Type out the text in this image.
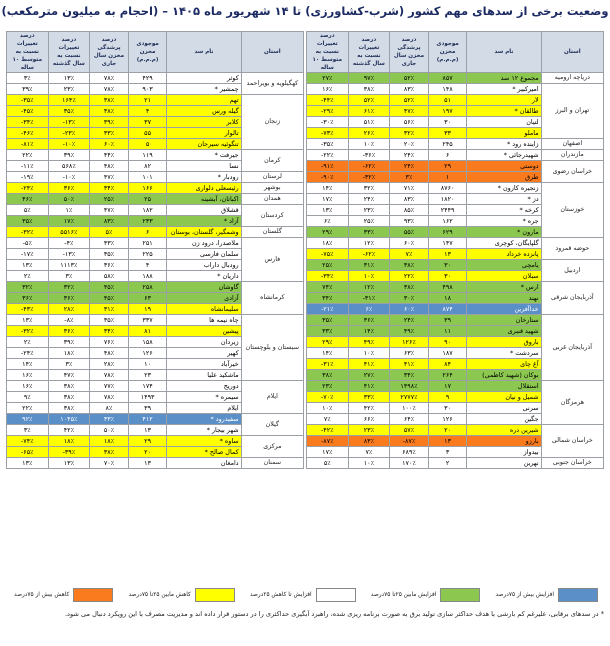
وضعیت برخی از سدهای مهم کشور (شرب-کشاورزی) تا ۱۴ شهریور ماه ۱۴۰۵ – (احجام به میلیون مترمکعب)
استان	نام سد	موجودی مخزن (م.م.م)	درصد پرشدگی مخزن سال جاری	درصد تغییرات نسبت به سال گذشته	درصد تغییرات نسبت به متوسط ۱۰ ساله
دریاچه ارومیه	مجموع ۱۲ سد	۸۵۷	۵۲٪	۹۷٪	۲۷٪
تهران و البرز	امیرکبیر *	۱۴۸	۸۳٪	۳۸٪	۱۶٪
	لار	۵۱	۵۲٪	۵۲٪	۴۴٪-
	طالقان *	۱۹۷	۴۷٪	۶۱٪	۲۹٪-
	لتیان	۳۰	۵۶٪	۵۱٪	۳۰٪-
	ماملو	۳۳	۳۲٪	۲۶٪	۷۳٪-
اصفهان	زاینده رود *	۲۴۵	۲۰٪	۱۰٪	۳۵٪-
مازندران	شهیدرجائی *	۶	۲۴٪	۳۶٪-	۲۲٪-
خراسان رضوی	دوستی	۲۹	۲۴٪	۶۲٪-	۹۱٪-
	طرق	۱	۳٪	۳۲٪-	۹۰٪-
خوزستان	زنجیره کارون *	۸۷۶۰	۷۱٪	۳۲٪	۱۴٪
	دز *	۱۸۲۰	۸۳٪	۲۴٪	۱۷٪
	کرخه *	۲۴۴۹	۸۵٪	۲۳٪	۱۳٪
	جره *	۱۶۲	۹۳٪	۲۵٪	۶٪
	مارون *	۶۲۹	۵۵٪	۳۳٪	۲۹٪
حوضه قمرود	گلپایگان، کوچری	۱۴۷	۶۰٪	۱۲٪	۱۸٪
	پانزده خرداد	۱۳	۷٪	۶۲٪-	۷۵٪-
اردبیل	یامچی	۳۰	۳۸٪	۳۱٪	۲۵٪
	سبلان	۳۰	۲۲٪	۱۰٪	۳۴٪-
آذربایجان شرقی	ارس *	۴۹۸	۳۸٪	۱۲٪	۷۴٪
	نهند	۱۸	۳۰٪	۳۱٪-	۳۴٪
	خداآفرین	۸۷۴	۶۰٪	۶٪	۲۱٪-
آذربایجان غربی	ستارخان	۳۹	۲۴٪	۳۶٪	۳۵٪
	شهید قنبری	۱۱	۴۹٪	۱۴٪	۳۳٪
	باروق	۹۰	۱۲۶٪	۴۹٪	۲۹٪
	سردشت *	۱۸۷	۶۳٪	۱۰٪	۱۴٪
	آغ چای	۸۴	۴۱٪	۴۱٪	۳۱٪-
	بوکان (شهید کاظمی)	۲۶۴	۳۴٪	۲۷٪	۳۸٪
هرمزگان	استقلال	۱۷	۱۴۹۸٪	۴۱٪	۲۳٪
	شمیل و نیان	۹	۲۷۷۷٪	۳۳٪	۷۰٪-
	سرنی	۳۰	۱۰۰٪	۴۲٪	۱۰٪
	جگین	۱۲۶	۶۴٪	۶۶٪	۷٪
خراسان شمالی	شیرین دره	۲۰	۵۷٪	۲۳٪	۴۲٪-
	بارزو	۱۳	۸۷٪-	۸۳٪	۸۷٪-
	بیدواز	۳	۶۸۹٪	۷٪	۱۷٪
خراسان جنوبی	نهرین	۲	۱۷۰٪	۱۰٪	۵٪
استان	نام سد	موجودی مخزن (م.م.م)	درصد پرشدگی مخزن سال جاری	درصد تغییرات نسبت به سال گذشته	درصد تغییرات نسبت به متوسط ۱۰ ساله
کهگیلویه و بویراحمد	کوثر	۴۲۹	۷۸٪	۱۳٪	۳٪
	چمشیر *	۹۰۳	۷۸٪	۲۳٪	۳۹٪
زنجان	تهم	۲۱	۳۸٪	۱۶۴٪	۳۵٪-
	گیله ورس	۴	۳۸٪	۳۵٪	۴۵٪-
	کلابر	۳۷	۳۹٪	۱۳٪-	۳۴٪-
	تالوار	۵۵	۳۳٪	۲۳٪-	۴۶٪-
	تنگوئیه سیرجان	۵	۶۰٪	۱۰٪-	۸۱٪-
کرمان	جیرفت *	۱۱۹	۴۴٪	۳۹٪	۲۲٪
	نسا	۸۲	۴۸٪	۵۶۸٪	۱۱٪-
لرستان	رودبار *	۱۰۱	۴۷٪	۱۰٪-	۱۹٪-
بوشهر	رئیسعلی دلواری	۱۶۶	۳۴٪	۳۶٪	۲۴٪-
همدان	اکباتان، آبشینه	۲۵	۲۵٪	۵۰٪	۴۶٪
کردستان	قشلاق	۱۸۲	۴۷٪	۱٪	۵٪
	آزاد *	۲۳۳	۸۳٪	۱۷٪	۳۵٪
گلستان	وشمگیر، گلستان، بوستان	۶	۵٪	۵۵۱۶٪	۳۲٪-
فارس	ملاصدرا، درود زن	۲۵۱	۴۳٪	۴٪-	۵٪-
	سلمان فارسی	۲۲۵	۳۵٪	۱۳٪-	۱۷٪-
	رودبال داراب	۴	۳۶٪	۱۱۱۳٪	۱۳٪
	داریان *	۱۸۸	۵۸٪	۳٪	۲٪
کرمانشاه	گاوشان	۲۵۸	۴۵٪	۳۲٪	۳۲٪
	آزادی	۶۳	۴۵٪	۳۶٪	۳۶٪
	سلیمانشاه	۱۹	۳۱٪	۲۸٪	۴۳٪-
سیستان و بلوچستان	چاه نیمه ها	۳۳۷	۳۵٪	۸٪-	۱۳٪
	پیشین	۸۱	۳۴٪	۳۶٪	۳۲٪-
	زیردان	۱۵۸	۷۶٪	۳۹٪	۲٪
	کهیر	۱۲۶	۴۸٪	۱۸٪	۲۴٪-
	خیرآباد	۱۰	۲۸٪	۳٪	۱۴٪
	ماشکید علیا	۲۳	۷۸٪	۴۷٪	۱۶٪
ایلام	دوریج	۱۷۴	۷۷٪	۳۸٪	۱۶٪
	سیمره *	۱۴۹۳	۷۸٪	۳۸٪	۹٪
	ایلام	۳۹	۸٪	۳۸٪	۲۲٪
گیلان	سفیدرود *	۴۱۲	۳۳٪	۱۰۴۵٪	۹۲٪
	شهر بیجار *	۱۳	۵۰٪	۴۲٪	۳٪
مرکزی	ساوه *	۲۹	۱۸٪	۱۸٪	۷۴٪-
	کمال صالح *	۲۰	۳۸٪	۳۹٪-	۶۵٪-
سمنان	دامغان	۱۳	۷۰٪	۱۳٪	۱۳٪
افزایش بیش از ۷۵درصد
افزایش مابین ۲۵تا ۷۵درصد
افزایش تا کاهش ۲۵درصد
کاهش مابین ۲۵تا ۷۵درصد
کاهش بیش از ۷۵درصد
* در سدهای برقابی، علیرغم کم بارشی با هدف حداکثر سازی تولید برق به صورت برنامه ریزی شده، راهبرد آبگیری حداکثری را در دستور قرار داده اند و مدیریت مصرف با این رویکرد دنبال می شود.
